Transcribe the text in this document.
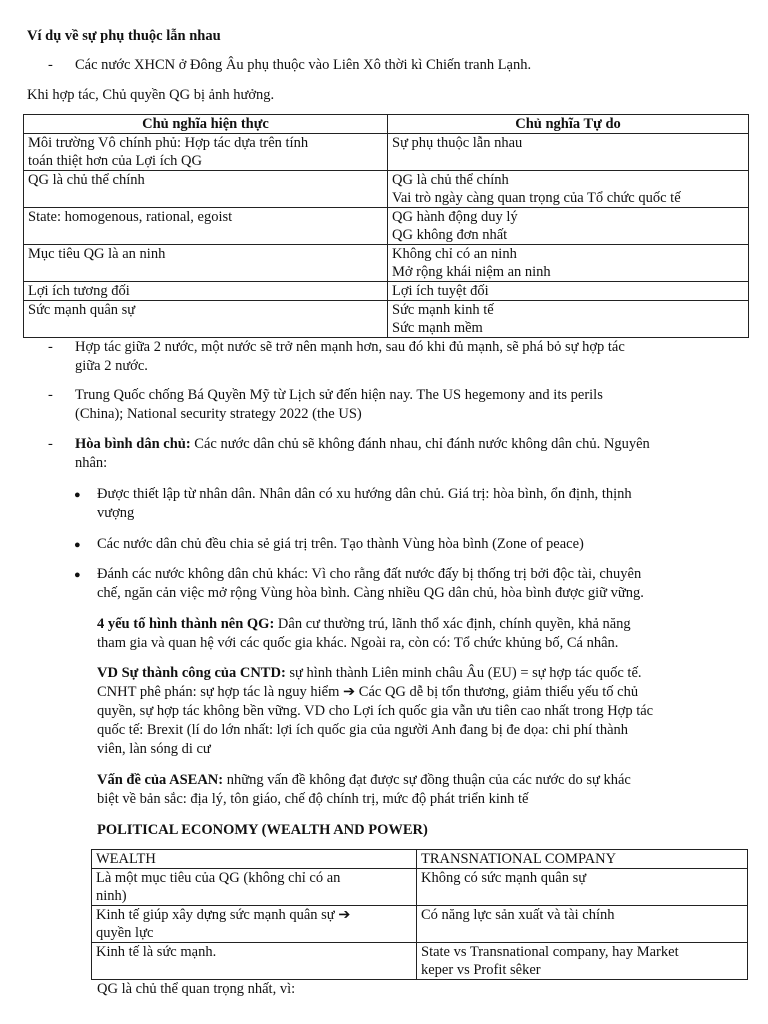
Ví dụ về sự phụ thuộc lẫn nhau
- Các nước XHCN ở Đông Âu phụ thuộc vào Liên Xô thời kì Chiến tranh Lạnh.
Khi hợp tác, Chủ quyền QG bị ảnh hưởng.
Chủ nghĩa hiện thực	Chủ nghĩa Tự do

Môi trường Vô chính phủ: Hợp tác dựa trên tính
toán thiệt hơn của Lợi ích QG	Sự phụ thuộc lẫn nhau

QG là chủ thể chính	QG là chủ thể chính
Vai trò ngày càng quan trọng của Tổ chức quốc tế

State: homogenous, rational, egoist	QG hành động duy lý
QG không đơn nhất

Mục tiêu QG là an ninh	Không chỉ có an ninh
Mở rộng khái niệm an ninh

Lợi ích tương đối	Lợi ích tuyệt đối

Sức mạnh quân sự	Sức mạnh kinh tế
Sức mạnh mềm
- Hợp tác giữa 2 nước, một nước sẽ trở nên mạnh hơn, sau đó khi đủ mạnh, sẽ phá bỏ sự hợp tác
giữa 2 nước.
- Trung Quốc chống Bá Quyền Mỹ từ Lịch sử đến hiện nay. The US hegemony and its perils
(China); National security strategy 2022 (the US)
- Hòa bình dân chủ: Các nước dân chủ sẽ không đánh nhau, chỉ đánh nước không dân chủ. Nguyên
nhân:
● Được thiết lập từ nhân dân. Nhân dân có xu hướng dân chủ. Giá trị: hòa bình, ổn định, thịnh
vượng
● Các nước dân chủ đều chia sẻ giá trị trên. Tạo thành Vùng hòa bình (Zone of peace)
● Đánh các nước không dân chủ khác: Vì cho rằng đất nước đấy bị thống trị bởi độc tài, chuyên
chế, ngăn cản việc mở rộng Vùng hòa bình. Càng nhiều QG dân chủ, hòa bình được giữ vững.
4 yếu tố hình thành nên QG: Dân cư thường trú, lãnh thổ xác định, chính quyền, khả năng
tham gia và quan hệ với các quốc gia khác. Ngoài ra, còn có: Tổ chức khủng bố, Cá nhân.
VD Sự thành công của CNTD: sự hình thành Liên minh châu Âu (EU) = sự hợp tác quốc tế.
CNHT phê phán: sự hợp tác là nguy hiểm ➔ Các QG dễ bị tổn thương, giảm thiểu yếu tố chủ
quyền, sự hợp tác không bền vững. VD cho Lợi ích quốc gia vẫn ưu tiên cao nhất trong Hợp tác
quốc tế: Brexit (lí do lớn nhất: lợi ích quốc gia của người Anh đang bị đe dọa: chi phí thành
viên, làn sóng di cư
Vấn đề của ASEAN: những vấn đề không đạt được sự đồng thuận của các nước do sự khác
biệt về bản sắc: địa lý, tôn giáo, chế độ chính trị, mức độ phát triển kinh tế
POLITICAL ECONOMY (WEALTH AND POWER)
WEALTH	TRANSNATIONAL COMPANY

Là một mục tiêu của QG (không chỉ có an
ninh)	Không có sức mạnh quân sự

Kinh tế giúp xây dựng sức mạnh quân sự ➔
quyền lực	Có năng lực sản xuất và tài chính

Kinh tế là sức mạnh.	State vs Transnational company, hay Market
keper vs Profit sêker
QG là chủ thể quan trọng nhất, vì:
